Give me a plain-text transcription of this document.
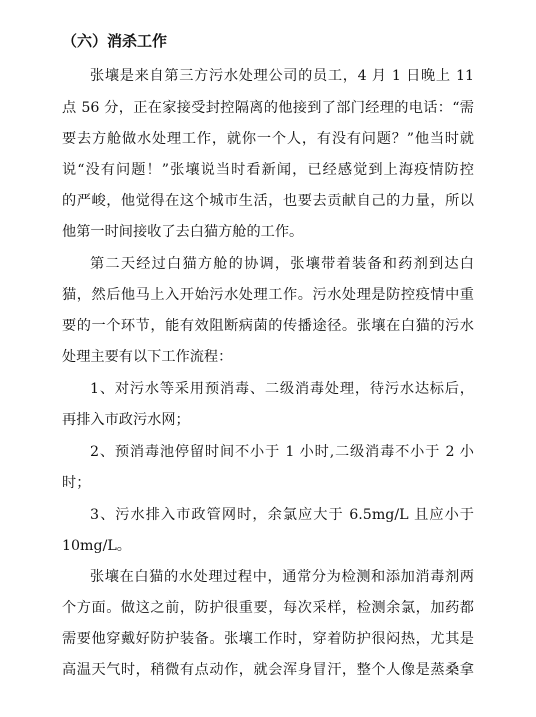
（六）消杀工作
张壤是来自第三方污水处理公司的员工，4 月 1 日晚上 11
点 56 分，正在家接受封控隔离的他接到了部门经理的电话：“需
要去方舱做水处理工作，就你一个人，有没有问题？”他当时就
说“没有问题！”张壤说当时看新闻，已经感觉到上海疫情防控
的严峻，他觉得在这个城市生活，也要去贡献自己的力量，所以
他第一时间接收了去白猫方舱的工作。
第二天经过白猫方舱的协调，张壤带着装备和药剂到达白
猫，然后他马上入开始污水处理工作。污水处理是防控疫情中重
要的一个环节，能有效阻断病菌的传播途径。张壤在白猫的污水
处理主要有以下工作流程：
1、对污水等采用预消毒、二级消毒处理，待污水达标后，
再排入市政污水网；
2、预消毒池停留时间不小于 1 小时,二级消毒不小于 2 小
时；
3、污水排入市政管网时，余氯应大于 6.5mg/L 且应小于
10mg/L。
张壤在白猫的水处理过程中，通常分为检测和添加消毒剂两
个方面。做这之前，防护很重要，每次采样，检测余氯，加药都
需要他穿戴好防护装备。张壤工作时，穿着防护很闷热，尤其是
高温天气时，稍微有点动作，就会浑身冒汗，整个人像是蒸桑拿
